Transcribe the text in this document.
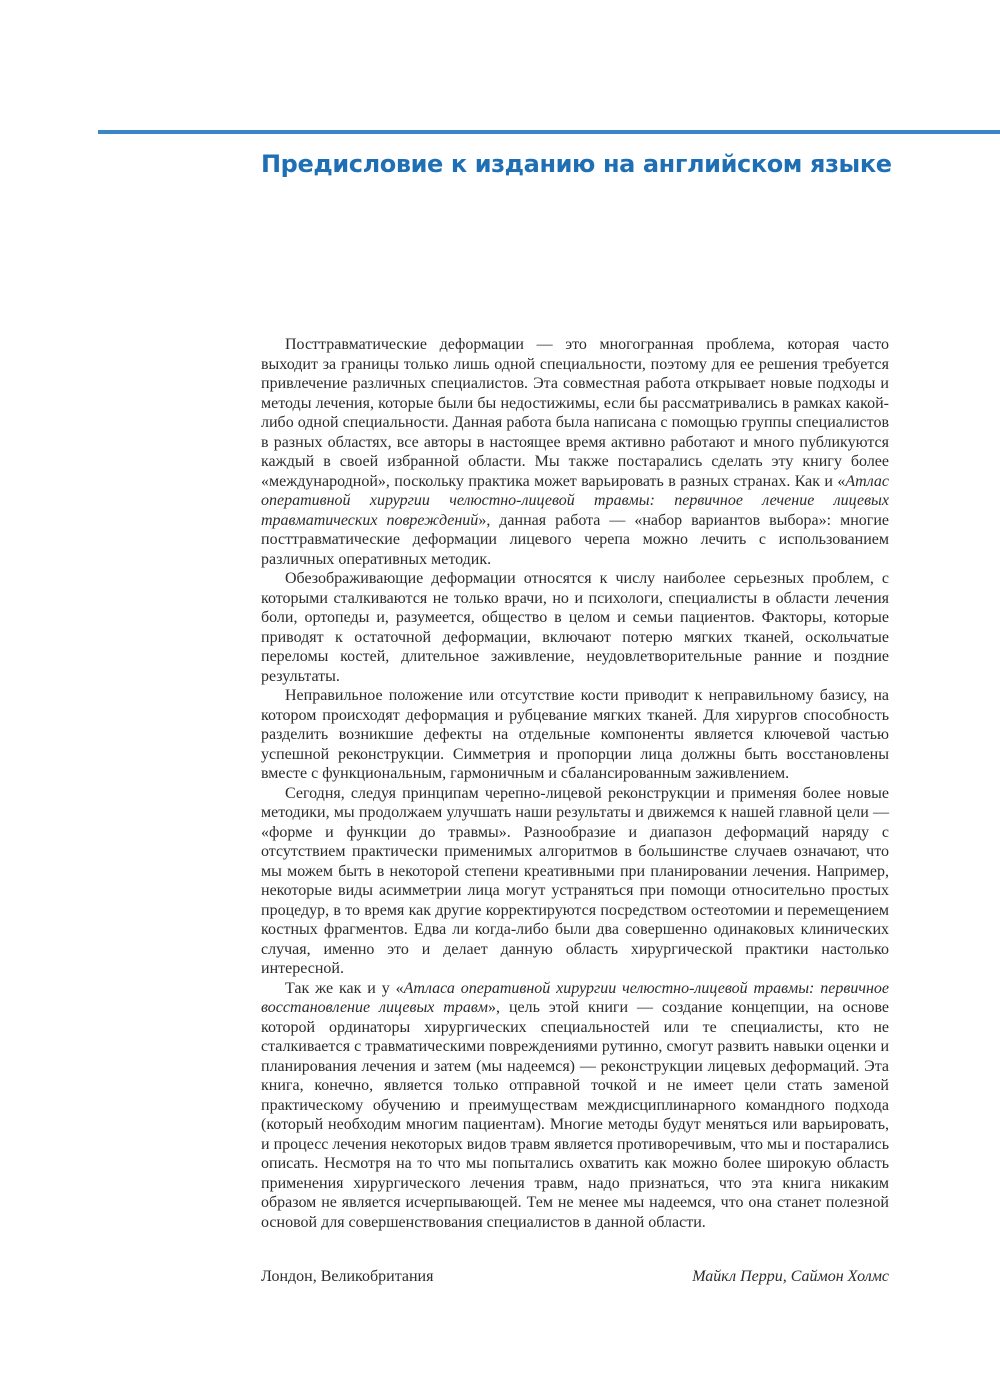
Предисловие к изданию на английском языке

Посттравматические деформации — это многогранная проблема, которая часто выходит за границы только лишь одной специальности, поэтому для ее решения требуется привлечение различных специалистов. Эта совместная работа открывает новые подходы и методы лечения, которые были бы недостижимы, если бы рассматривались в рамках какой-либо одной специальности. Данная работа была написана с помощью группы специалистов в разных областях, все авторы в настоящее время активно работают и много публикуются каждый в своей избранной области. Мы также постарались сделать эту книгу более «международной», поскольку практика может варьировать в разных странах. Как и «Атлас оперативной хирургии челюстно-лицевой травмы: первичное лечение лицевых травматических повреждений», данная работа — «набор вариантов выбора»: многие посттравматические деформации лицевого черепа можно лечить с использованием различных оперативных методик.

Обезображивающие деформации относятся к числу наиболее серьезных проблем, с которыми сталкиваются не только врачи, но и психологи, специалисты в области лечения боли, ортопеды и, разумеется, общество в целом и семьи пациентов. Факторы, которые приводят к остаточной деформации, включают потерю мягких тканей, оскольчатые переломы костей, длительное заживление, неудовлетворительные ранние и поздние результаты.

Неправильное положение или отсутствие кости приводит к неправильному базису, на котором происходят деформация и рубцевание мягких тканей. Для хирургов способность разделить возникшие дефекты на отдельные компоненты является ключевой частью успешной реконструкции. Симметрия и пропорции лица должны быть восстановлены вместе с функциональным, гармоничным и сбалансированным заживлением.

Сегодня, следуя принципам черепно-лицевой реконструкции и применяя более новые методики, мы продолжаем улучшать наши результаты и движемся к нашей главной цели — «форме и функции до травмы». Разнообразие и диапазон деформаций наряду с отсутствием практически применимых алгоритмов в большинстве случаев означают, что мы можем быть в некоторой степени креативными при планировании лечения. Например, некоторые виды асимметрии лица могут устраняться при помощи относительно простых процедур, в то время как другие корректируются посредством остеотомии и перемещением костных фрагментов. Едва ли когда-либо были два совершенно одинаковых клинических случая, именно это и делает данную область хирургической практики настолько интересной.

Так же как и у «Атласа оперативной хирургии челюстно-лицевой травмы: первичное восстановление лицевых травм», цель этой книги — создание концепции, на основе которой ординаторы хирургических специальностей или те специалисты, кто не сталкивается с травматическими повреждениями рутинно, смогут развить навыки оценки и планирования лечения и затем (мы надеемся) — реконструкции лицевых деформаций. Эта книга, конечно, является только отправной точкой и не имеет цели стать заменой практическому обучению и преимуществам междисциплинарного командного подхода (который необходим многим пациентам). Многие методы будут меняться или варьировать, и процесс лечения некоторых видов травм является противоречивым, что мы и постарались описать. Несмотря на то что мы попытались охватить как можно более широкую область применения хирургического лечения травм, надо признаться, что эта книга никаким образом не является исчерпывающей. Тем не менее мы надеемся, что она станет полезной основой для совершенствования специалистов в данной области.

Лондон, Великобритания	Майкл Перри, Саймон Холмс
